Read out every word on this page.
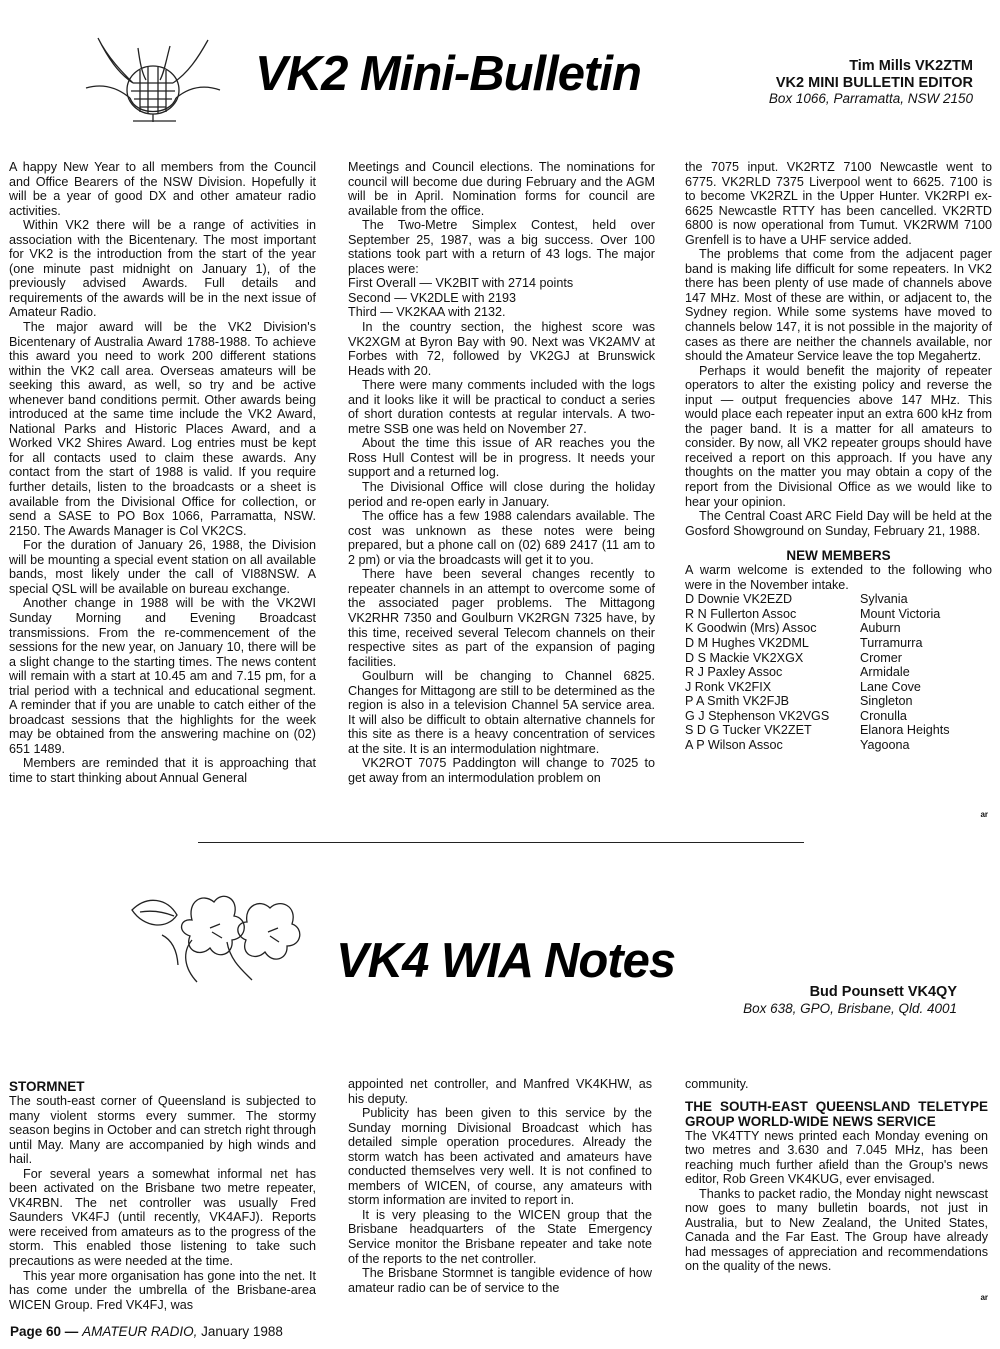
VK2 Mini-Bulletin	Tim Mills VK2ZTM
VK2 MINI BULLETIN EDITOR
Box 1066, Parramatta, NSW 2150

A happy New Year to all members from the Council and Office Bearers of the NSW Division. Hopefully it will be a year of good DX and other amateur radio activities.

Within VK2 there will be a range of activities in association with the Bicentenary. The most important for VK2 is the introduction from the start of the year (one minute past midnight on January 1), of the previously advised Awards. Full details and requirements of the awards will be in the next issue of Amateur Radio.

The major award will be the VK2 Division's Bicentenary of Australia Award 1788-1988. To achieve this award you need to work 200 different stations within the VK2 call area. Overseas amateurs will be seeking this award, as well, so try and be active whenever band conditions permit. Other awards being introduced at the same time include the VK2 Award, National Parks and Historic Places Award, and a Worked VK2 Shires Award. Log entries must be kept for all contacts used to claim these awards. Any contact from the start of 1988 is valid. If you require further details, listen to the broadcasts or a sheet is available from the Divisional Office for collection, or send a SASE to PO Box 1066, Parramatta, NSW. 2150. The Awards Manager is Col VK2CS.

For the duration of January 26, 1988, the Division will be mounting a special event station on all available bands, most likely under the call of VI88NSW. A special QSL will be available on bureau exchange.

Another change in 1988 will be with the VK2WI Sunday Morning and Evening Broadcast transmissions. From the re-commencement of the sessions for the new year, on January 10, there will be a slight change to the starting times. The news content will remain with a start at 10.45 am and 7.15 pm, for a trial period with a technical and educational segment. A reminder that if you are unable to catch either of the broadcast sessions that the highlights for the week may be obtained from the answering machine on (02) 651 1489.

Members are reminded that it is approaching that time to start thinking about Annual General

Meetings and Council elections. The nominations for council will become due during February and the AGM will be in April. Nomination forms for council are available from the office.

The Two-Metre Simplex Contest, held over September 25, 1987, was a big success. Over 100 stations took part with a return of 43 logs. The major places were:

First Overall — VK2BIT with 2714 points

Second — VK2DLE with 2193

Third — VK2KAA with 2132.

In the country section, the highest score was VK2XGM at Byron Bay with 90. Next was VK2AMV at Forbes with 72, followed by VK2GJ at Brunswick Heads with 20.

There were many comments included with the logs and it looks like it will be practical to conduct a series of short duration contests at regular intervals. A two-metre SSB one was held on November 27.

About the time this issue of AR reaches you the Ross Hull Contest will be in progress. It needs your support and a returned log.

The Divisional Office will close during the holiday period and re-open early in January.

The office has a few 1988 calendars available. The cost was unknown as these notes were being prepared, but a phone call on (02) 689 2417 (11 am to 2 pm) or via the broadcasts will get it to you.

There have been several changes recently to repeater channels in an attempt to overcome some of the associated pager problems. The Mittagong VK2RHR 7350 and Goulburn VK2RGN 7325 have, by this time, received several Telecom channels on their respective sites as part of the expansion of paging facilities.

Goulburn will be changing to Channel 6825. Changes for Mittagong are still to be determined as the region is also in a television Channel 5A service area. It will also be difficult to obtain alternative channels for this site as there is a heavy concentration of services at the site. It is an intermodulation nightmare.

VK2ROT 7075 Paddington will change to 7025 to get away from an intermodulation problem on

the 7075 input. VK2RTZ 7100 Newcastle went to 6775. VK2RLD 7375 Liverpool went to 6625. 7100 is to become VK2RZL in the Upper Hunter. VK2RPI ex-6625 Newcastle RTTY has been cancelled. VK2RTD 6800 is now operational from Tumut. VK2RWM 7100 Grenfell is to have a UHF service added.

The problems that come from the adjacent pager band is making life difficult for some repeaters. In VK2 there has been plenty of use made of channels above 147 MHz. Most of these are within, or adjacent to, the Sydney region. While some systems have moved to channels below 147, it is not possible in the majority of cases as there are neither the channels available, nor should the Amateur Service leave the top Megahertz.

Perhaps it would benefit the majority of repeater operators to alter the existing policy and reverse the input — output frequencies above 147 MHz. This would place each repeater input an extra 600 kHz from the pager band. It is a matter for all amateurs to consider. By now, all VK2 repeater groups should have received a report on this approach. If you have any thoughts on the matter you may obtain a copy of the report from the Divisional Office as we would like to hear your opinion.

The Central Coast ARC Field Day will be held at the Gosford Showground on Sunday, February 21, 1988.

NEW MEMBERS

A warm welcome is extended to the following who were in the November intake.

D Downie VK2EZD	Sylvania
R N Fullerton Assoc	Mount Victoria
K Goodwin (Mrs) Assoc	Auburn
D M Hughes VK2DML	Turramurra
D S Mackie VK2XGX	Cromer
R J Paxley Assoc	Armidale
J Ronk VK2FIX	Lane Cove
P A Smith VK2FJB	Singleton
G J Stephenson VK2VGS	Cronulla
S D G Tucker VK2ZET	Elanora Heights
A P Wilson Assoc	Yagoona
ar
VK4 WIA Notes
Bud Pounsett VK4QY
Box 638, GPO, Brisbane, Qld. 4001
STORMNET

The south-east corner of Queensland is subjected to many violent storms every summer. The stormy season begins in October and can stretch right through until May. Many are accompanied by high winds and hail.

For several years a somewhat informal net has been activated on the Brisbane two metre repeater, VK4RBN. The net controller was usually Fred Saunders VK4FJ (until recently, VK4AFJ). Reports were received from amateurs as to the progress of the storm. This enabled those listening to take such precautions as were needed at the time.

This year more organisation has gone into the net. It has come under the umbrella of the Brisbane-area WICEN Group. Fred VK4FJ, was

appointed net controller, and Manfred VK4KHW, as his deputy.

Publicity has been given to this service by the Sunday morning Divisional Broadcast which has detailed simple operation procedures. Already the storm watch has been activated and amateurs have conducted themselves very well. It is not confined to members of WICEN, of course, any amateurs with storm information are invited to report in.

It is very pleasing to the WICEN group that the Brisbane headquarters of the State Emergency Service monitor the Brisbane repeater and take note of the reports to the net controller.

The Brisbane Stormnet is tangible evidence of how amateur radio can be of service to the

community.

THE SOUTH-EAST QUEENSLAND TELETYPE GROUP WORLD-WIDE NEWS SERVICE

The VK4TTY news printed each Monday evening on two metres and 3.630 and 7.045 MHz, has been reaching much further afield than the Group's news editor, Rob Green VK4KUG, ever envisaged.

Thanks to packet radio, the Monday night newscast now goes to many bulletin boards, not just in Australia, but to New Zealand, the United States, Canada and the Far East. The Group have already had messages of appreciation and recommendations on the quality of the news.

ar
Page 60 — AMATEUR RADIO, January 1988
